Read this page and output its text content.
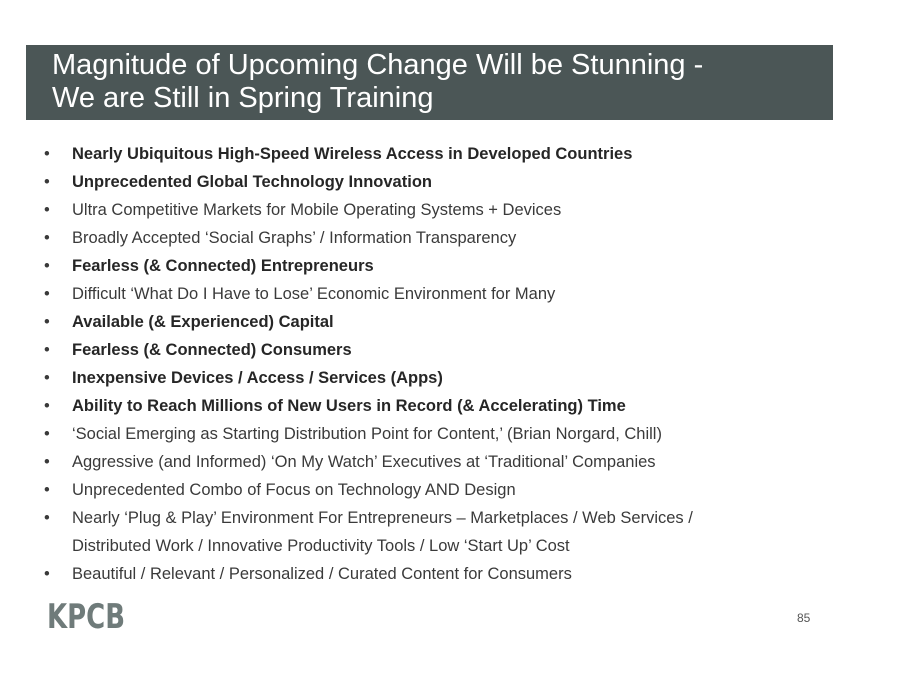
Magnitude of Upcoming Change Will be Stunning -
We are Still in Spring Training
•	Nearly Ubiquitous High-Speed Wireless Access in Developed Countries
•	Unprecedented Global Technology Innovation
•	Ultra Competitive Markets for Mobile Operating Systems + Devices
•	Broadly Accepted ‘Social Graphs’ / Information Transparency
•	Fearless (& Connected) Entrepreneurs
•	Difficult ‘What Do I Have to Lose’ Economic Environment for Many
•	Available (& Experienced) Capital
•	Fearless (& Connected) Consumers
•	Inexpensive Devices / Access / Services (Apps)
•	Ability to Reach Millions of New Users in Record (& Accelerating) Time
•	‘Social Emerging as Starting Distribution Point for Content,’ (Brian Norgard, Chill)
•	Aggressive (and Informed) ‘On My Watch’ Executives at ‘Traditional’ Companies
•	Unprecedented Combo of Focus on Technology AND Design
•	Nearly ‘Plug & Play’ Environment For Entrepreneurs – Marketplaces / Web Services /
Distributed Work / Innovative Productivity Tools / Low ‘Start Up’ Cost
•	Beautiful / Relevant / Personalized / Curated Content for Consumers
KPCB	85
